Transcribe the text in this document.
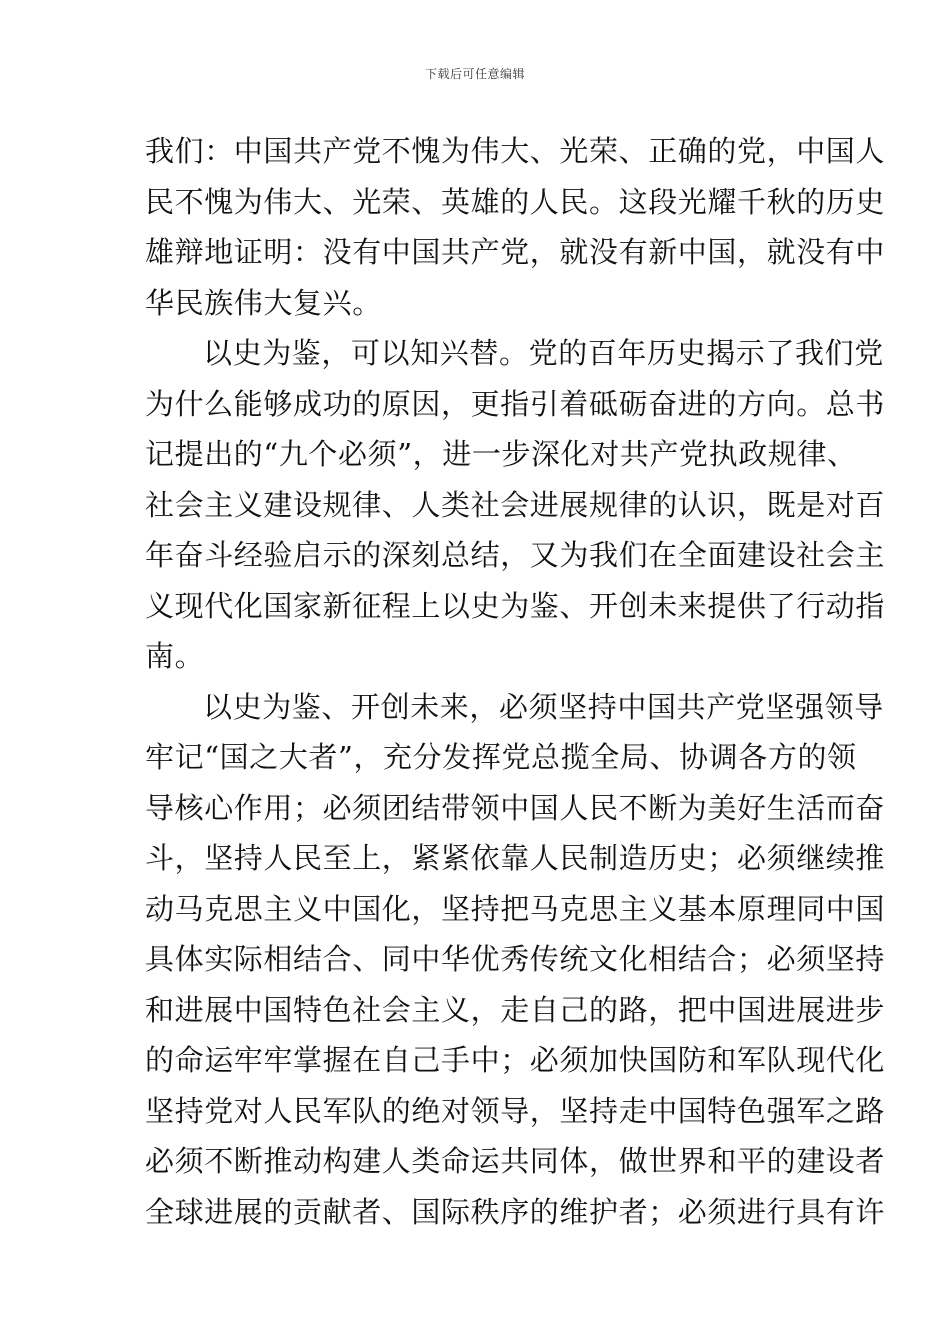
下载后可任意编辑
我们：中国共产党不愧为伟大、光荣、正确的党，中国人
民不愧为伟大、光荣、英雄的人民。这段光耀千秋的历史
雄辩地证明：没有中国共产党，就没有新中国，就没有中
华民族伟大复兴。
以史为鉴，可以知兴替。党的百年历史揭示了我们党
为什么能够成功的原因，更指引着砥砺奋进的方向。总书
记提出的“九个必须”，进一步深化对共产党执政规律、
社会主义建设规律、人类社会进展规律的认识，既是对百
年奋斗经验启示的深刻总结，又为我们在全面建设社会主
义现代化国家新征程上以史为鉴、开创未来提供了行动指
南。
以史为鉴、开创未来，必须坚持中国共产党坚强领导
牢记“国之大者”，充分发挥党总揽全局、协调各方的领
导核心作用；必须团结带领中国人民不断为美好生活而奋
斗，坚持人民至上，紧紧依靠人民制造历史；必须继续推
动马克思主义中国化，坚持把马克思主义基本原理同中国
具体实际相结合、同中华优秀传统文化相结合；必须坚持
和进展中国特色社会主义，走自己的路，把中国进展进步
的命运牢牢掌握在自己手中；必须加快国防和军队现代化
坚持党对人民军队的绝对领导，坚持走中国特色强军之路
必须不断推动构建人类命运共同体，做世界和平的建设者
全球进展的贡献者、国际秩序的维护者；必须进行具有许
